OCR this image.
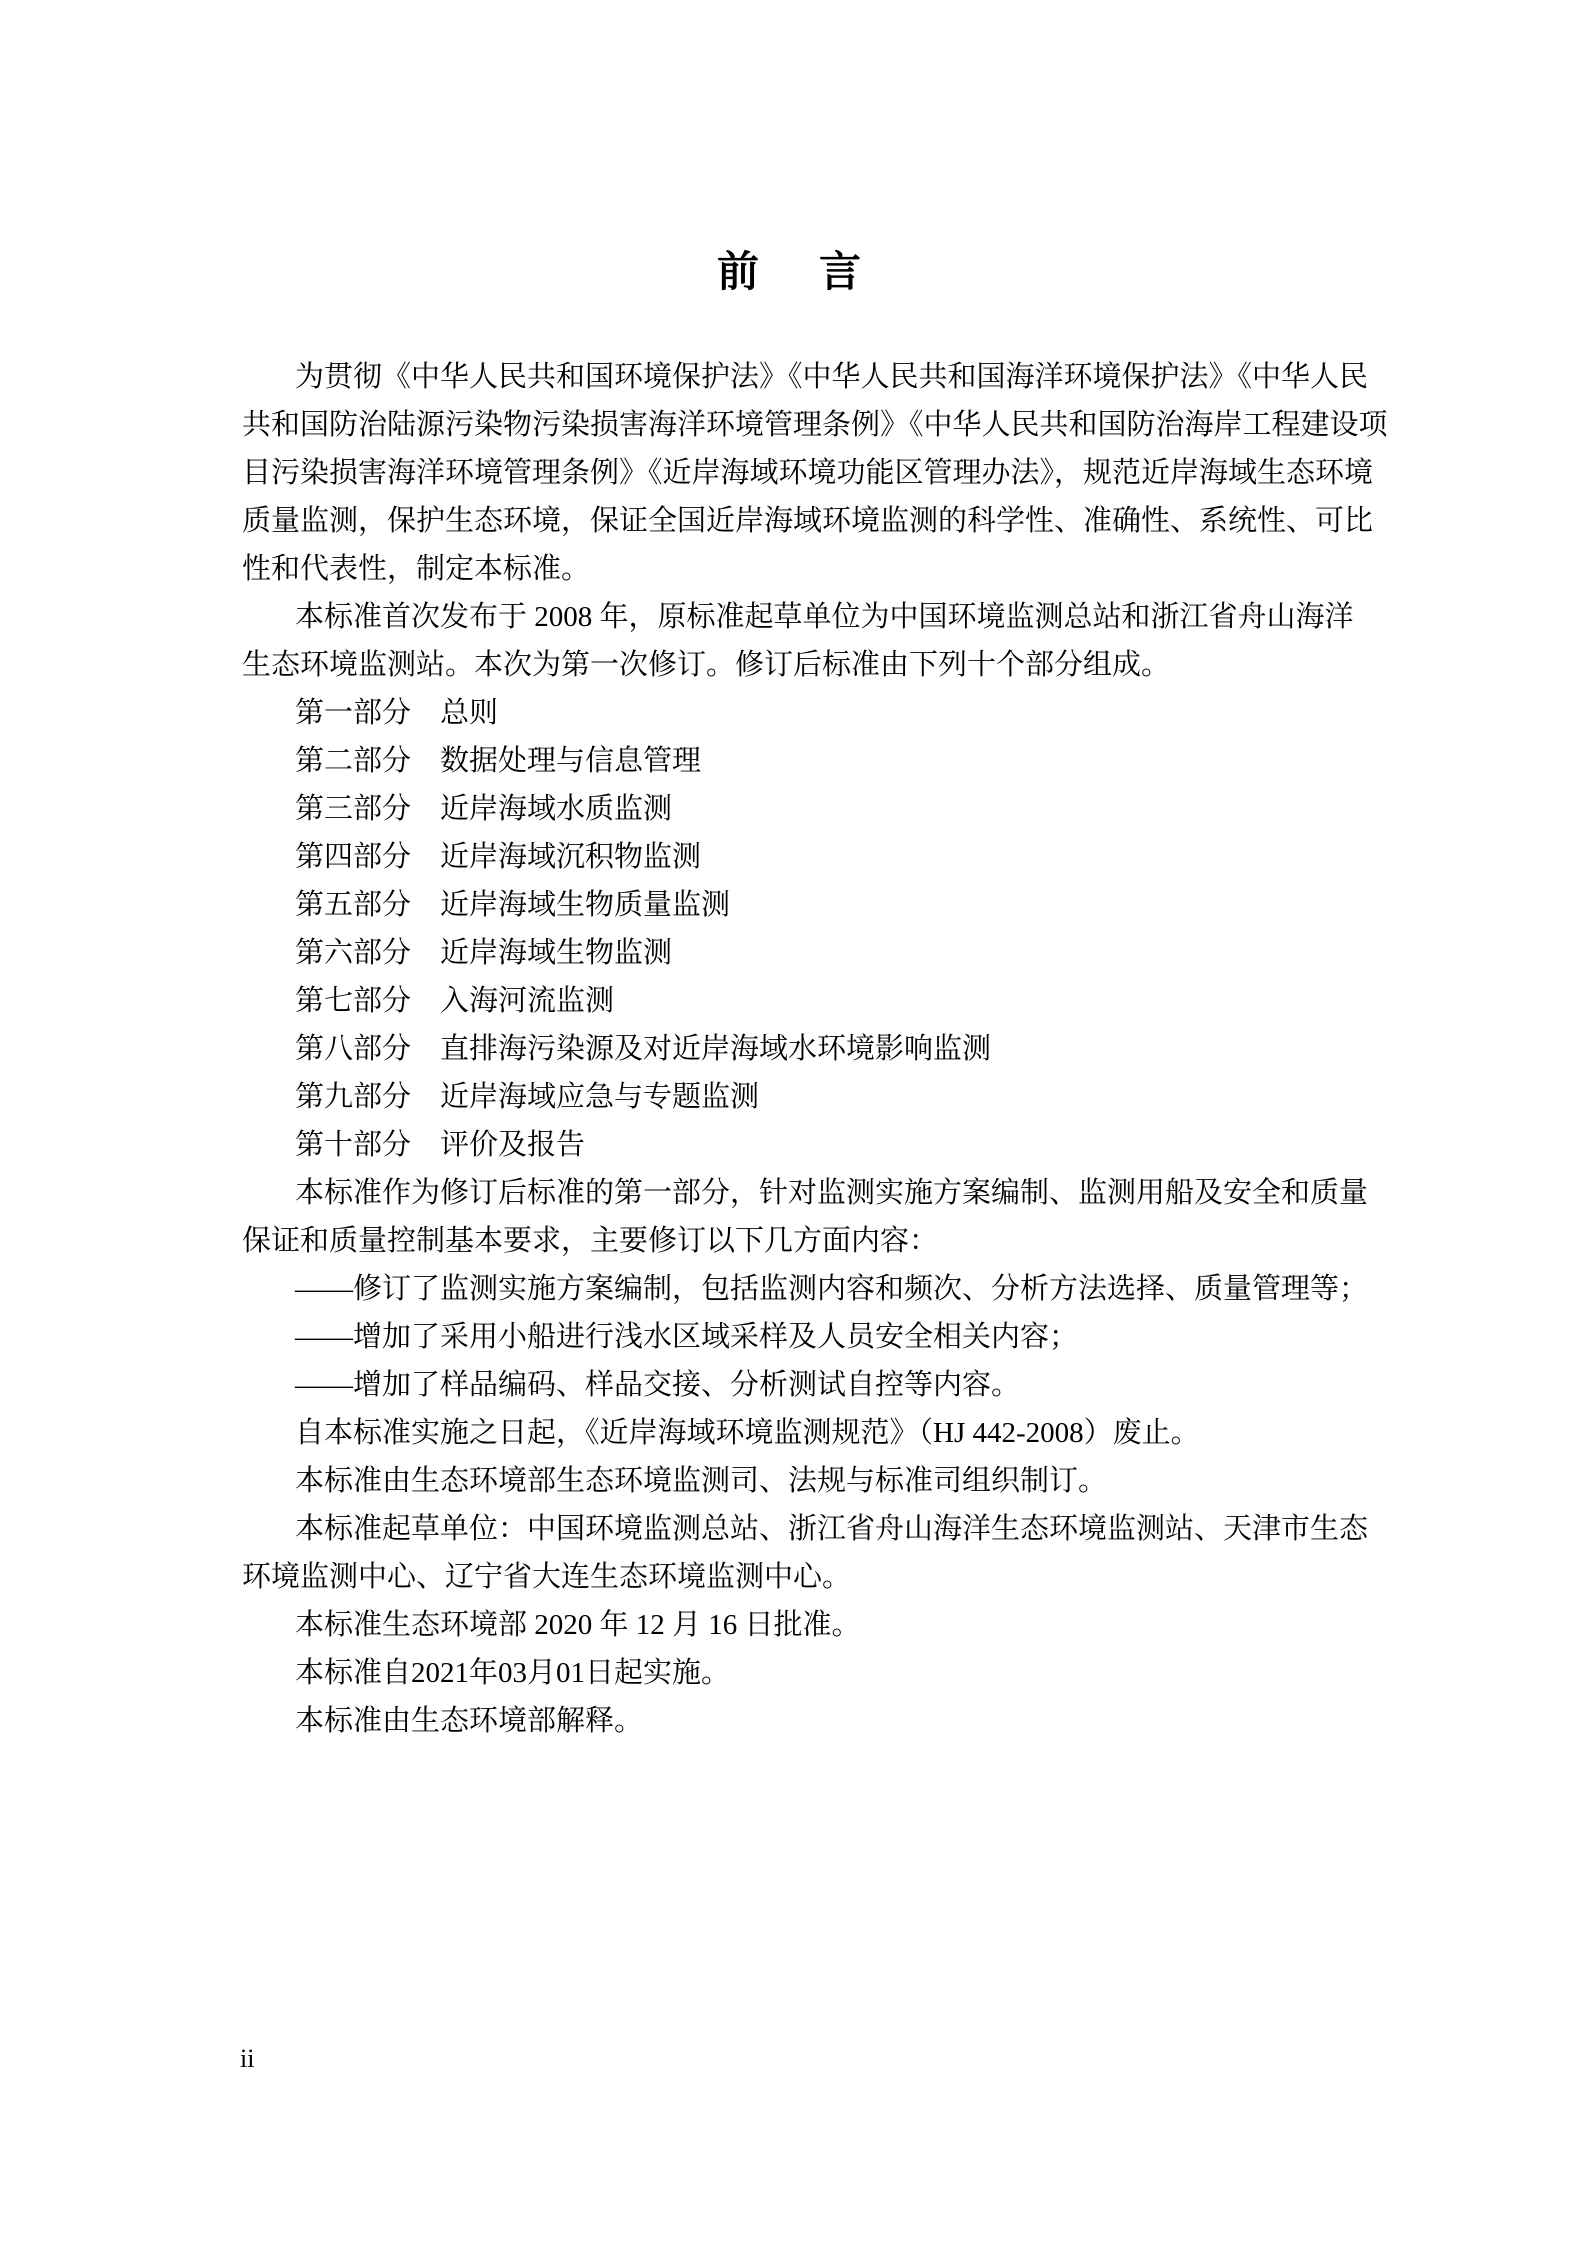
前　言
为贯彻《中华人民共和国环境保护法》《中华人民共和国海洋环境保护法》《中华人民
共和国防治陆源污染物污染损害海洋环境管理条例》《中华人民共和国防治海岸工程建设项
目污染损害海洋环境管理条例》《近岸海域环境功能区管理办法》，规范近岸海域生态环境
质量监测，保护生态环境，保证全国近岸海域环境监测的科学性、准确性、系统性、可比
性和代表性，制定本标准。
本标准首次发布于 2008 年，原标准起草单位为中国环境监测总站和浙江省舟山海洋
生态环境监测站。本次为第一次修订。修订后标准由下列十个部分组成。
第一部分　总则
第二部分　数据处理与信息管理
第三部分　近岸海域水质监测
第四部分　近岸海域沉积物监测
第五部分　近岸海域生物质量监测
第六部分　近岸海域生物监测
第七部分　入海河流监测
第八部分　直排海污染源及对近岸海域水环境影响监测
第九部分　近岸海域应急与专题监测
第十部分　评价及报告
本标准作为修订后标准的第一部分，针对监测实施方案编制、监测用船及安全和质量
保证和质量控制基本要求，主要修订以下几方面内容：
——修订了监测实施方案编制，包括监测内容和频次、分析方法选择、质量管理等；
——增加了采用小船进行浅水区域采样及人员安全相关内容；
——增加了样品编码、样品交接、分析测试自控等内容。
自本标准实施之日起，《近岸海域环境监测规范》（HJ 442-2008）废止。
本标准由生态环境部生态环境监测司、法规与标准司组织制订。
本标准起草单位：中国环境监测总站、浙江省舟山海洋生态环境监测站、天津市生态
环境监测中心、辽宁省大连生态环境监测中心。
本标准生态环境部 2020 年 12 月 16 日批准。
本标准自2021年03月01日起实施。
本标准由生态环境部解释。
ii
